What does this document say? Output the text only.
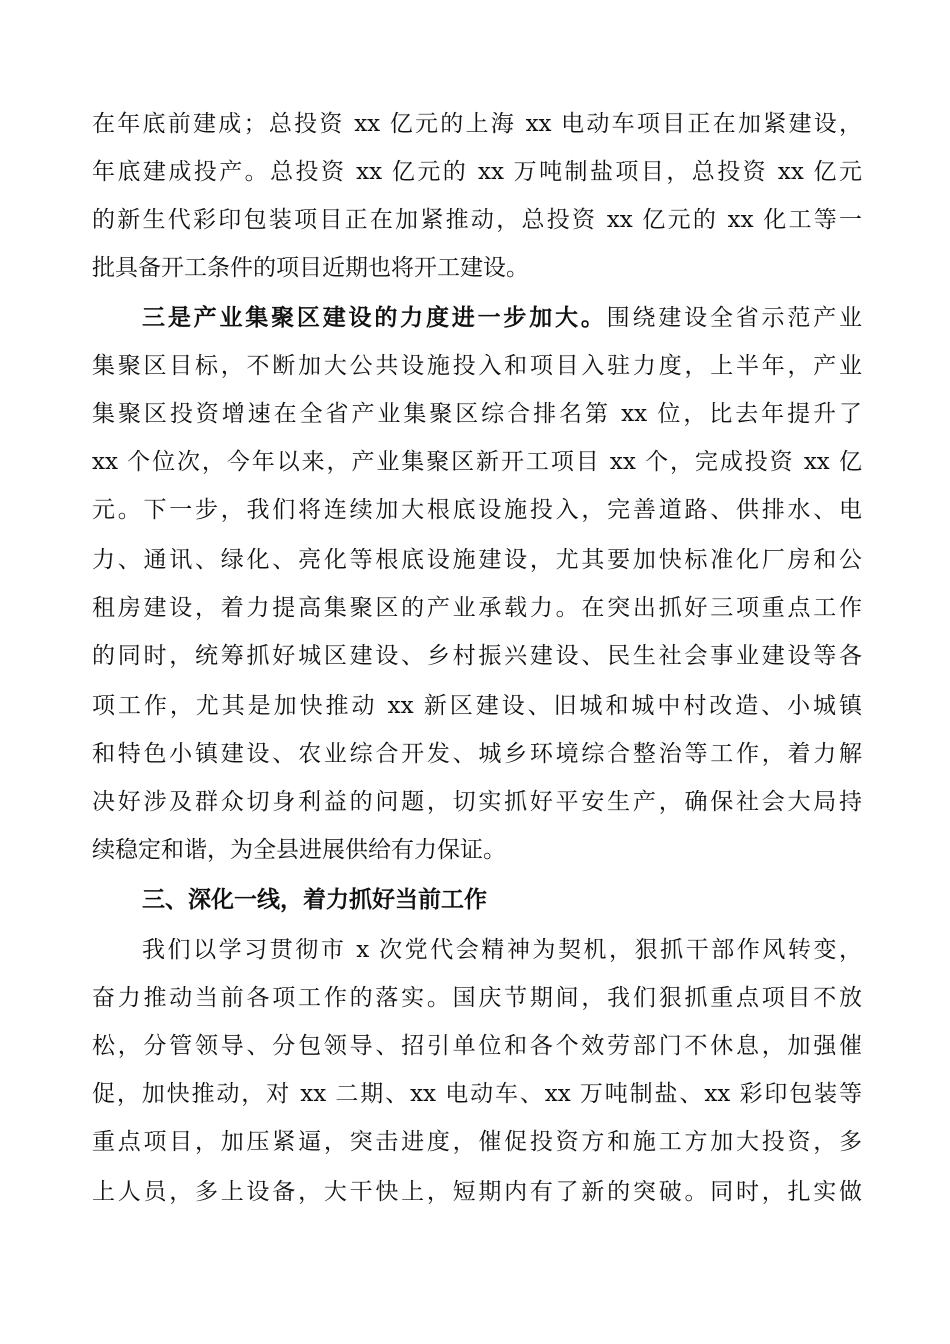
在年底前建成；总投资 xx 亿元的上海 xx 电动车项目正在加紧建设，
年底建成投产。总投资 xx 亿元的 xx 万吨制盐项目，总投资 xx 亿元
的新生代彩印包装项目正在加紧推动，总投资 xx 亿元的 xx 化工等一
批具备开工条件的项目近期也将开工建设。
三是产业集聚区建设的力度进一步加大。围绕建设全省示范产业
集聚区目标，不断加大公共设施投入和项目入驻力度，上半年，产业
集聚区投资增速在全省产业集聚区综合排名第 xx 位，比去年提升了
xx 个位次，今年以来，产业集聚区新开工项目 xx 个，完成投资 xx 亿
元。下一步，我们将连续加大根底设施投入，完善道路、供排水、电
力、通讯、绿化、亮化等根底设施建设，尤其要加快标准化厂房和公
租房建设，着力提高集聚区的产业承载力。在突出抓好三项重点工作
的同时，统筹抓好城区建设、乡村振兴建设、民生社会事业建设等各
项工作，尤其是加快推动 xx 新区建设、旧城和城中村改造、小城镇
和特色小镇建设、农业综合开发、城乡环境综合整治等工作，着力解
决好涉及群众切身利益的问题，切实抓好平安生产，确保社会大局持
续稳定和谐，为全县进展供给有力保证。
三、深化一线，着力抓好当前工作
我们以学习贯彻市 x 次党代会精神为契机，狠抓干部作风转变，
奋力推动当前各项工作的落实。国庆节期间，我们狠抓重点项目不放
松，分管领导、分包领导、招引单位和各个效劳部门不休息，加强催
促，加快推动，对 xx 二期、xx 电动车、xx 万吨制盐、xx 彩印包装等
重点项目，加压紧逼，突击进度，催促投资方和施工方加大投资，多
上人员，多上设备，大干快上，短期内有了新的突破。同时，扎实做
